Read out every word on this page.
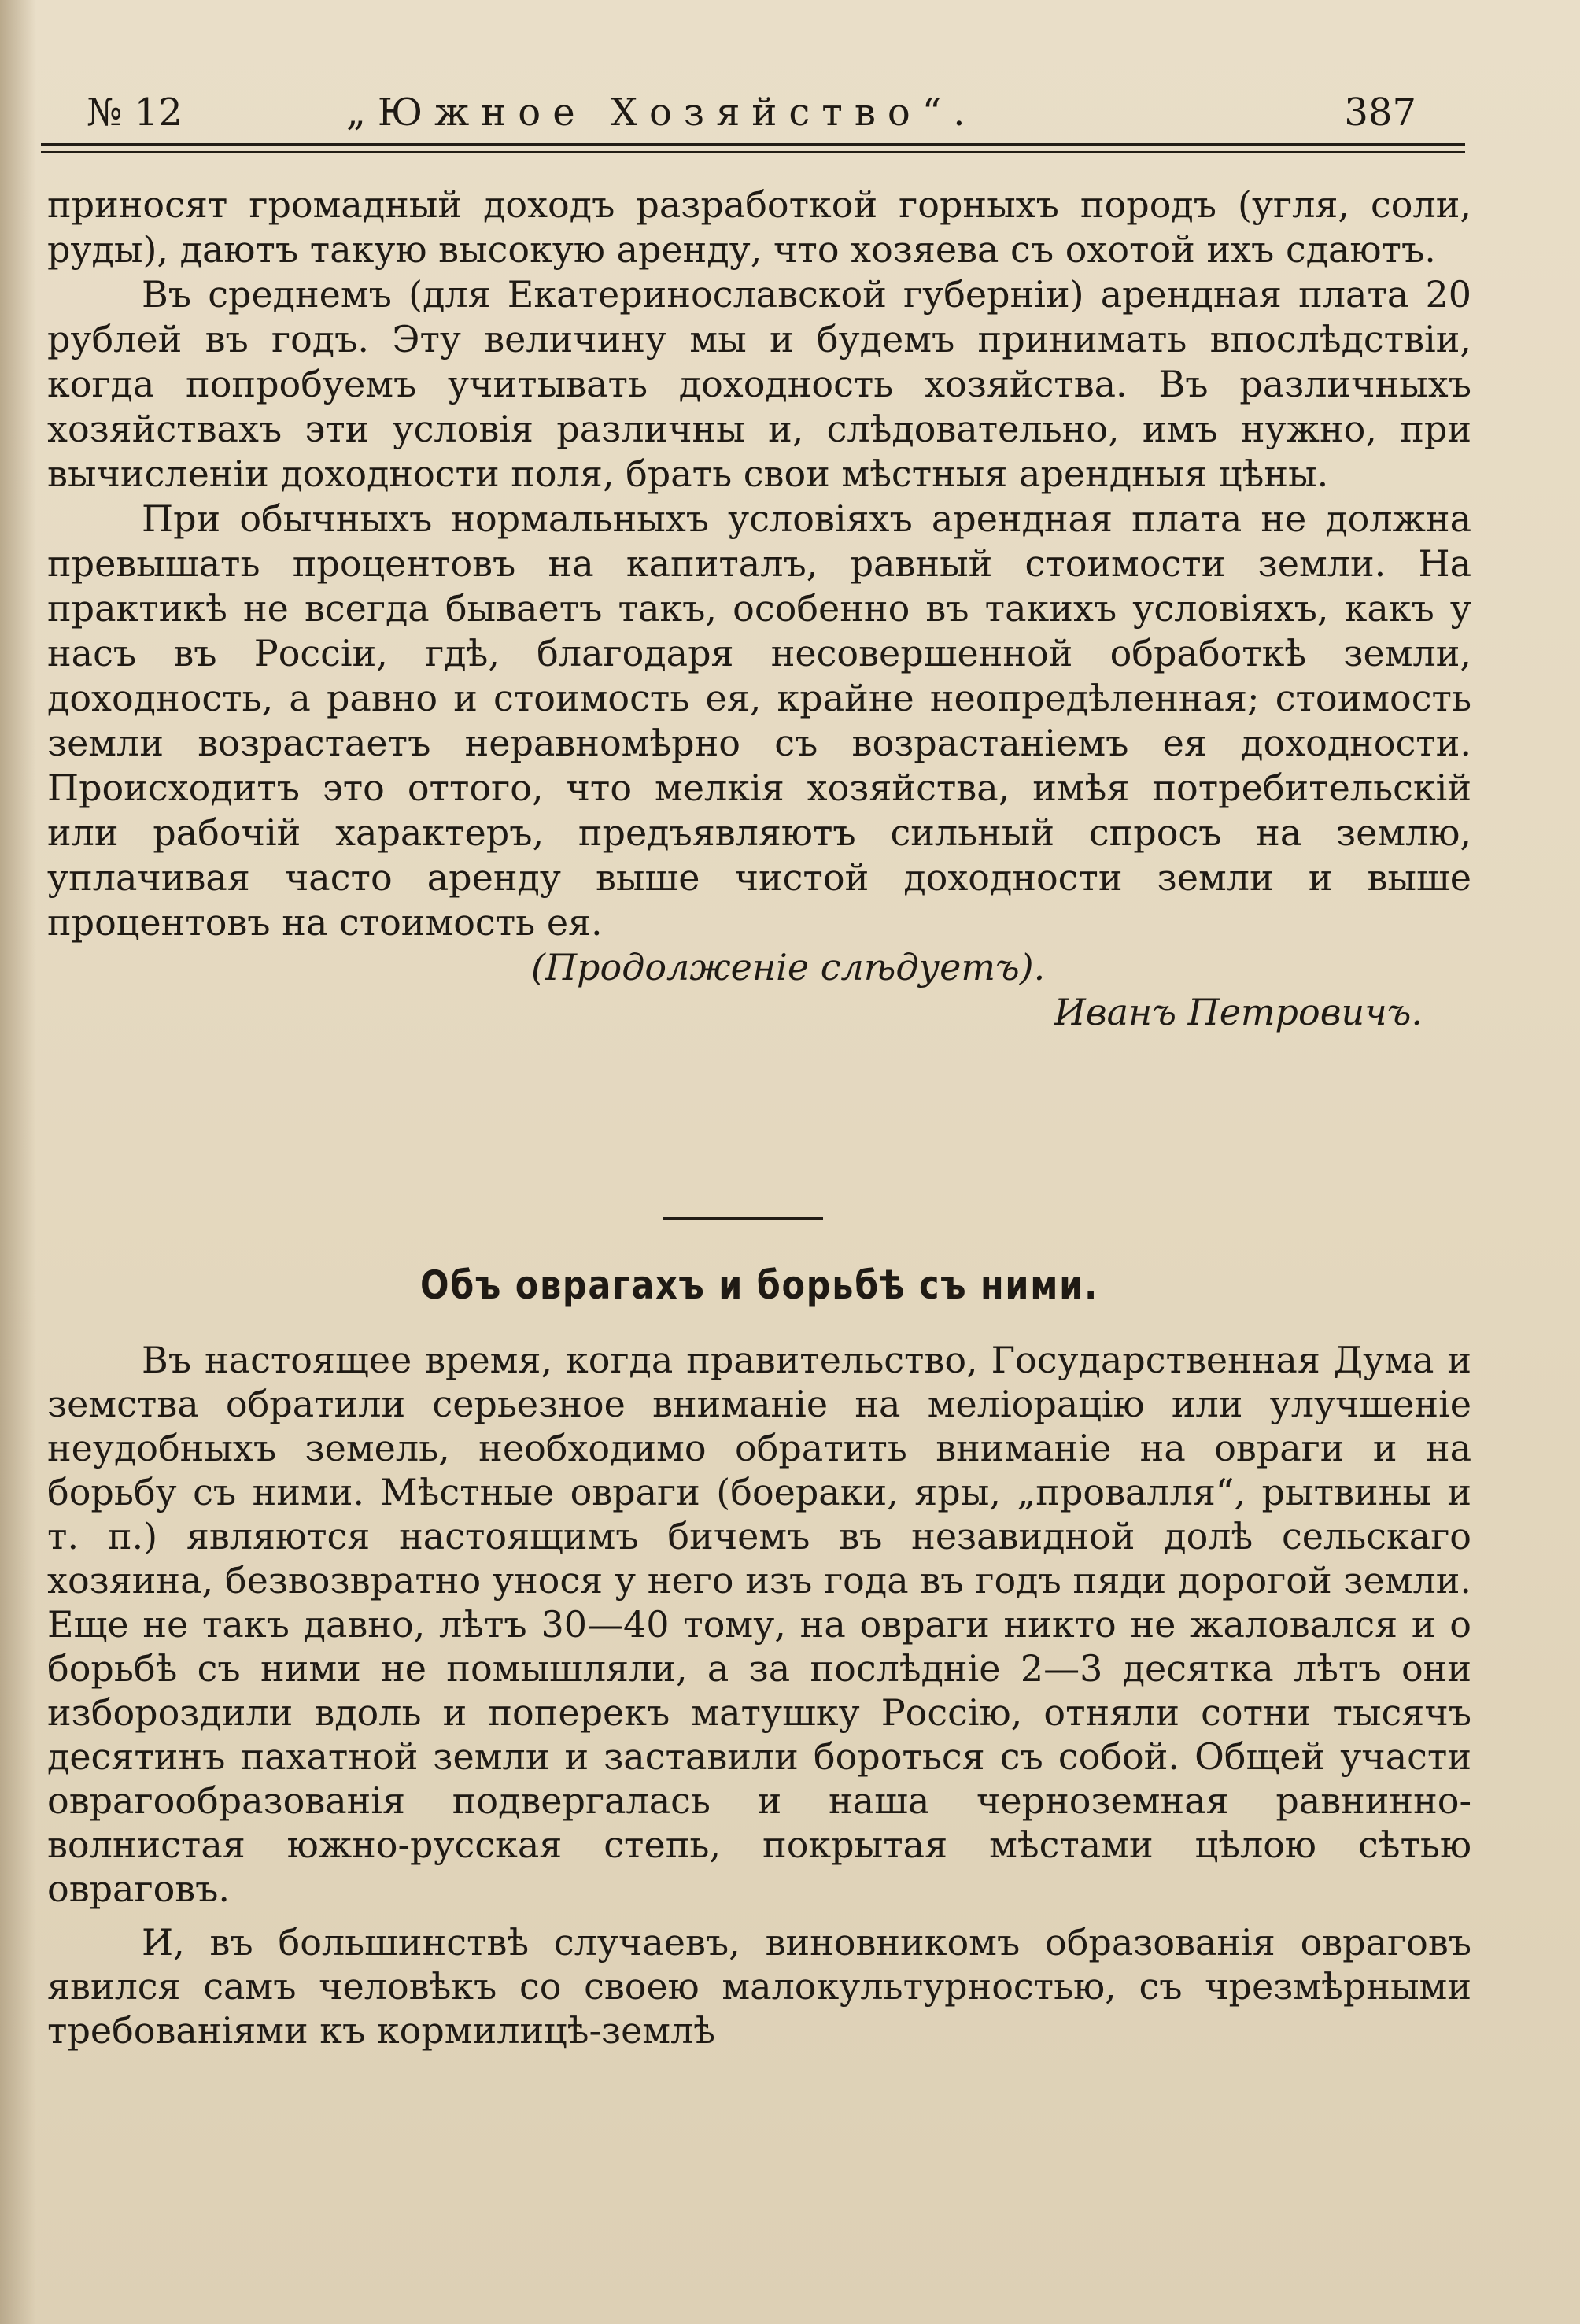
№ 12	„Южное Хозяйство“.	387

приносят громадный доходъ разработкой горныхъ породъ (угля, соли, руды), даютъ такую высокую аренду, что хозяева съ охотой ихъ сдаютъ.

Въ среднемъ (для Екатеринославской губерніи) арендная плата 20 рублей въ годъ. Эту величину мы и будемъ принимать впослѣдствіи, когда попробуемъ учитывать доходность хозяйства. Въ различныхъ хозяйствахъ эти условія различны и, слѣдовательно, имъ нужно, при вычисленіи доходности поля, брать свои мѣстныя арендныя цѣны.

При обычныхъ нормальныхъ условіяхъ арендная плата не должна превышать процентовъ на капиталъ, равный стоимости земли. На практикѣ не всегда бываетъ такъ, особенно въ такихъ условіяхъ, какъ у насъ въ Россіи, гдѣ, благодаря несовершенной обработкѣ земли, доходность, а равно и стоимость ея, крайне неопредѣленная; стоимость земли возрастаетъ неравномѣрно съ возрастаніемъ ея доходности. Происходитъ это оттого, что мелкія хозяйства, имѣя потребительскій или рабочій характеръ, предъявляютъ сильный спросъ на землю, уплачивая часто аренду выше чистой доходности земли и выше процентовъ на стоимость ея.

(Продолженіе слѣдуетъ).

Иванъ Петровичъ.

Объ оврагахъ и борьбѣ съ ними.

Въ настоящее время, когда правительство, Государственная Дума и земства обратили серьезное вниманіе на меліорацію или улучшеніе неудобныхъ земель, необходимо обратить вниманіе на овраги и на борьбу съ ними. Мѣстные овраги (боераки, яры, „провалля“, рытвины и т. п.) являются настоящимъ бичемъ въ незавидной долѣ сельскаго хозяина, безвозвратно унося у него изъ года въ годъ пяди дорогой земли. Еще не такъ давно, лѣтъ 30—40 тому, на овраги никто не жаловался и о борьбѣ съ ними не помышляли, а за послѣдніе 2—3 десятка лѣтъ они избороздили вдоль и поперекъ матушку Россію, отняли сотни тысячъ десятинъ пахатной земли и заставили бороться съ собой. Общей участи оврагообразованія подвергалась и наша черноземная равнинно-волнистая южно-русская степь, покрытая мѣстами цѣлою сѣтью овраговъ.

И, въ большинствѣ случаевъ, виновникомъ образованія овраговъ явился самъ человѣкъ со своею малокультурностью, съ чрезмѣрными требованіями къ кормилицѣ-землѣ
